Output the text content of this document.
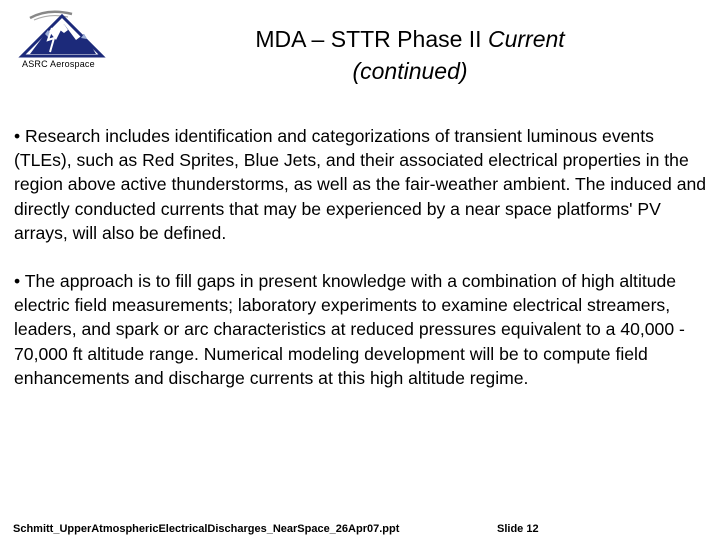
ASRC Aerospace
MDA – STTR Phase II Current
(continued)

• Research includes identification and categorizations of transient luminous events (TLEs), such as Red Sprites, Blue Jets, and their associated electrical properties in the region above active thunderstorms, as well as the fair-weather ambient. The induced and directly conducted currents that may be experienced by a near space platforms' PV arrays, will also be defined.

• The approach is to fill gaps in present knowledge with a combination of high altitude electric field measurements; laboratory experiments to examine electrical streamers, leaders, and spark or arc characteristics at reduced pressures equivalent to a 40,000 - 70,000 ft altitude range. Numerical modeling development will be to compute field enhancements and discharge currents at this high altitude regime.

Schmitt_UpperAtmosphericElectricalDischarges_NearSpace_26Apr07.ppt	Slide 12
